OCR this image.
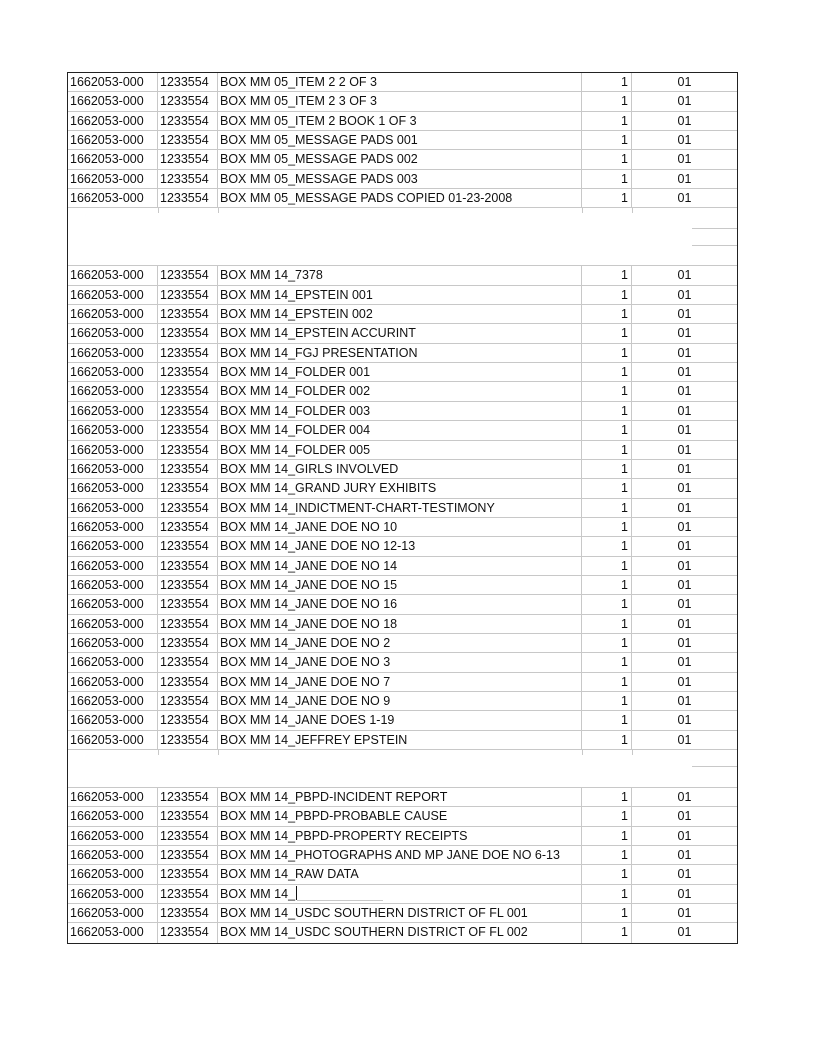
1662053-000	1233554 BOX MM 05_ITEM 2 2 OF 3	1	01
1662053-000	1233554 BOX MM 05_ITEM 2 3 OF 3	1	01
1662053-000	1233554 BOX MM 05_ITEM 2 BOOK 1 OF 3	1	01
1662053-000	1233554 BOX MM 05_MESSAGE PADS 001	1	01
1662053-000	1233554 BOX MM 05_MESSAGE PADS 002	1	01
1662053-000	1233554 BOX MM 05_MESSAGE PADS 003	1	01
1662053-000	1233554 BOX MM 05_MESSAGE PADS COPIED 01-23-2008	1	01
1662053-000	1233554 BOX MM 14_7378	1	01
1662053-000	1233554 BOX MM 14_EPSTEIN 001	1	01
1662053-000	1233554 BOX MM 14_EPSTEIN 002	1	01
1662053-000	1233554 BOX MM 14_EPSTEIN ACCURINT	1	01
1662053-000	1233554 BOX MM 14_FGJ PRESENTATION	1	01
1662053-000	1233554 BOX MM 14_FOLDER 001	1	01
1662053-000	1233554 BOX MM 14_FOLDER 002	1	01
1662053-000	1233554 BOX MM 14_FOLDER 003	1	01
1662053-000	1233554 BOX MM 14_FOLDER 004	1	01
1662053-000	1233554 BOX MM 14_FOLDER 005	1	01
1662053-000	1233554 BOX MM 14_GIRLS INVOLVED	1	01
1662053-000	1233554 BOX MM 14_GRAND JURY EXHIBITS	1	01
1662053-000	1233554 BOX MM 14_INDICTMENT-CHART-TESTIMONY	1	01
1662053-000	1233554 BOX MM 14_JANE DOE NO 10	1	01
1662053-000	1233554 BOX MM 14_JANE DOE NO 12-13	1	01
1662053-000	1233554 BOX MM 14_JANE DOE NO 14	1	01
1662053-000	1233554 BOX MM 14_JANE DOE NO 15	1	01
1662053-000	1233554 BOX MM 14_JANE DOE NO 16	1	01
1662053-000	1233554 BOX MM 14_JANE DOE NO 18	1	01
1662053-000	1233554 BOX MM 14_JANE DOE NO 2	1	01
1662053-000	1233554 BOX MM 14_JANE DOE NO 3	1	01
1662053-000	1233554 BOX MM 14_JANE DOE NO 7	1	01
1662053-000	1233554 BOX MM 14_JANE DOE NO 9	1	01
1662053-000	1233554 BOX MM 14_JANE DOES 1-19	1	01
1662053-000	1233554 BOX MM 14_JEFFREY EPSTEIN	1	01
1662053-000	1233554 BOX MM 14_PBPD-INCIDENT REPORT	1	01
1662053-000	1233554 BOX MM 14_PBPD-PROBABLE CAUSE	1	01
1662053-000	1233554 BOX MM 14_PBPD-PROPERTY RECEIPTS	1	01
1662053-000	1233554 BOX MM 14_PHOTOGRAPHS AND MP JANE DOE NO 6-13	1	01
1662053-000	1233554 BOX MM 14_RAW DATA	1	01
1662053-000	1233554 BOX MM 14_	1	01
1662053-000	1233554 BOX MM 14_USDC SOUTHERN DISTRICT OF FL 001	1	01
1662053-000	1233554 BOX MM 14_USDC SOUTHERN DISTRICT OF FL 002	1	01
